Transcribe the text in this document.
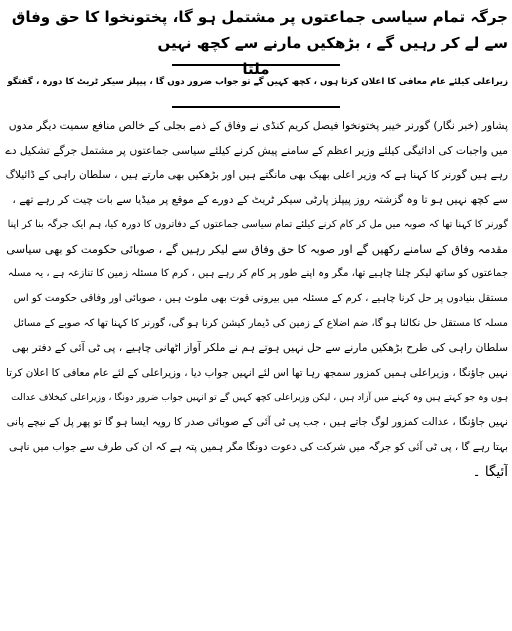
جرگہ تمام سیاسی جماعتوں پر مشتمل ہو گا، پختونخوا کا حق وفاق سے لے کر رہیں گے ، بڑھکیں مارنے سے کچھ نہیں
ملتا
زیراعلی کیلئے عام معافی کا اعلان کرتا ہوں ، کچھ کہیں گے تو جواب ضرور دوں گا ، پیپلز سیکر ٹریٹ کا دورہ ، گفتگو
پشاور (خبر نگار) گورنر خیبر پختونخوا فیصل کریم کنڈی نے وفاق کے ذمے بجلی کے خالص منافع سمیت دیگر مدوں
میں واجبات کی ادائیگی کیلئے وزیر اعظم کے سامنے پیش کرنے کیلئے سیاسی جماعتوں پر مشتمل جرگے تشکیل دے
رہے ہیں گورنر کا کہنا ہے کہ وزیر اعلی بھیک بھی مانگتے ہیں اور بڑھکیں بھی مارتے ہیں ، سلطان راہی کے ڈائیلاگ
سے کچھ نہیں ہو تا وہ گزشتہ روز پیپلز پارٹی سیکر ٹریٹ کے دورے کے موقع پر میڈیا سے بات چیت کر رہے تھے ،
گورنر کا کہنا تھا کہ صوبہ میں مل کر کام کرنے کیلئے تمام سیاسی جماعتوں کے دفاتروں کا دورہ کیا، ہم ایک جرگہ بنا کر اپنا
مقدمہ وفاق کے سامنے رکھیں گے اور صوبہ کا حق وفاق سے لیکر رہیں گے ، صوبائی حکومت کو بھی سیاسی
جماعتوں کو ساتھ لیکر چلنا چاہیے تھا، مگر وہ اپنے طور پر کام کر رہے ہیں ، کرم کا مسئلہ زمین کا تنازعہ ہے ، یہ مسلہ
مستقل بنیادوں پر حل کرنا چاہیے ، کرم کے مسئلہ میں بیرونی قوت بھی ملوث ہیں ، صوبائی اور وفاقی حکومت کو اس
مسلہ کا مستقل حل نکالنا ہو گا، ضم اضلاع کے زمین کی ڈیمار کیشن کرنا ہو گی، گورنر کا کہنا تھا کہ صوبے کے مسائل
سلطان راہی کی طرح بڑھکیں مارنے سے حل نہیں ہوتے ہم نے ملکر آواز اٹھانی چاہیے ، پی ٹی آئی کے دفتر بھی
نہیں جاؤنگا ، وزیراعلی ہمیں کمزور سمجھ رہا تھا اس لئے انہیں جواب دیا ، وزیراعلی کے لئے عام معافی کا اعلان کرتا
ہوں وہ جو کہتے ہیں وہ کہنے میں آزاد ہیں ، لیکن وزیراعلی کچھ کہیں گے تو انہیں جواب ضرور دونگا ، وزیراعلی کیخلاف عدالت
نہیں جاؤنگا ، عدالت کمزور لوگ جاتے ہیں ، جب پی ٹی آئی کے صوبائی صدر کا رویہ ایسا ہو گا تو پھر پل کے نیچے پانی
بہتا رہے گا ، پی ٹی آئی کو جرگہ میں شرکت کی دعوت دونگا مگر ہمیں پتہ ہے کہ ان کی طرف سے جواب میں ناہی
آئیگا ۔
